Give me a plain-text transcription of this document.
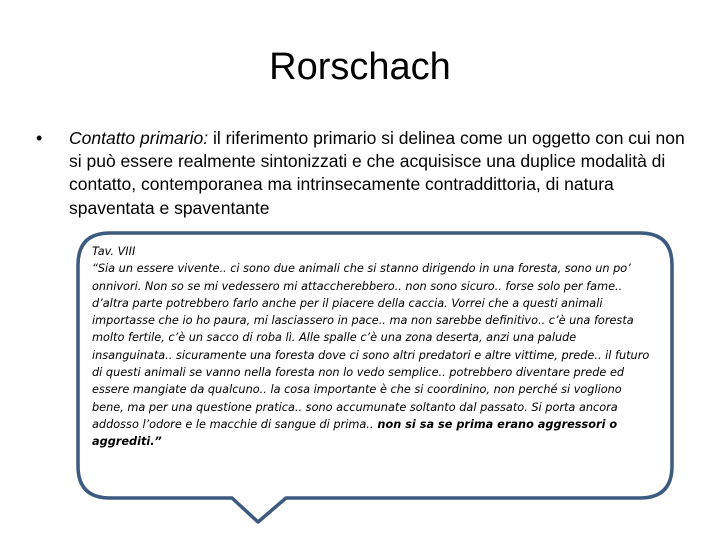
Rorschach
• Contatto primario: il riferimento primario si delinea come un oggetto con cui non si può essere realmente sintonizzati e che acquisisce una duplice modalità di contatto, contemporanea ma intrinsecamente contraddittoria, di natura spaventata e spaventante

Tav. VIII

“Sia un essere vivente.. ci sono due animali che si stanno dirigendo in una foresta, sono un po’ onnivori. Non so se mi vedessero mi attaccherebbero.. non sono sicuro.. forse solo per fame.. d’altra parte potrebbero farlo anche per il piacere della caccia. Vorrei che a questi animali importasse che io ho paura, mi lasciassero in pace.. ma non sarebbe definitivo.. c’è una foresta molto fertile, c’è un sacco di roba lì. Alle spalle c’è una zona deserta, anzi una palude insanguinata.. sicuramente una foresta dove ci sono altri predatori e altre vittime, prede.. il futuro di questi animali se vanno nella foresta non lo vedo semplice.. potrebbero diventare prede ed essere mangiate da qualcuno.. la cosa importante è che si coordinino, non perché si vogliono bene, ma per una questione pratica.. sono accumunate soltanto dal passato. Si porta ancora addosso l’odore e le macchie di sangue di prima.. non si sa se prima erano aggressori o aggrediti.”
